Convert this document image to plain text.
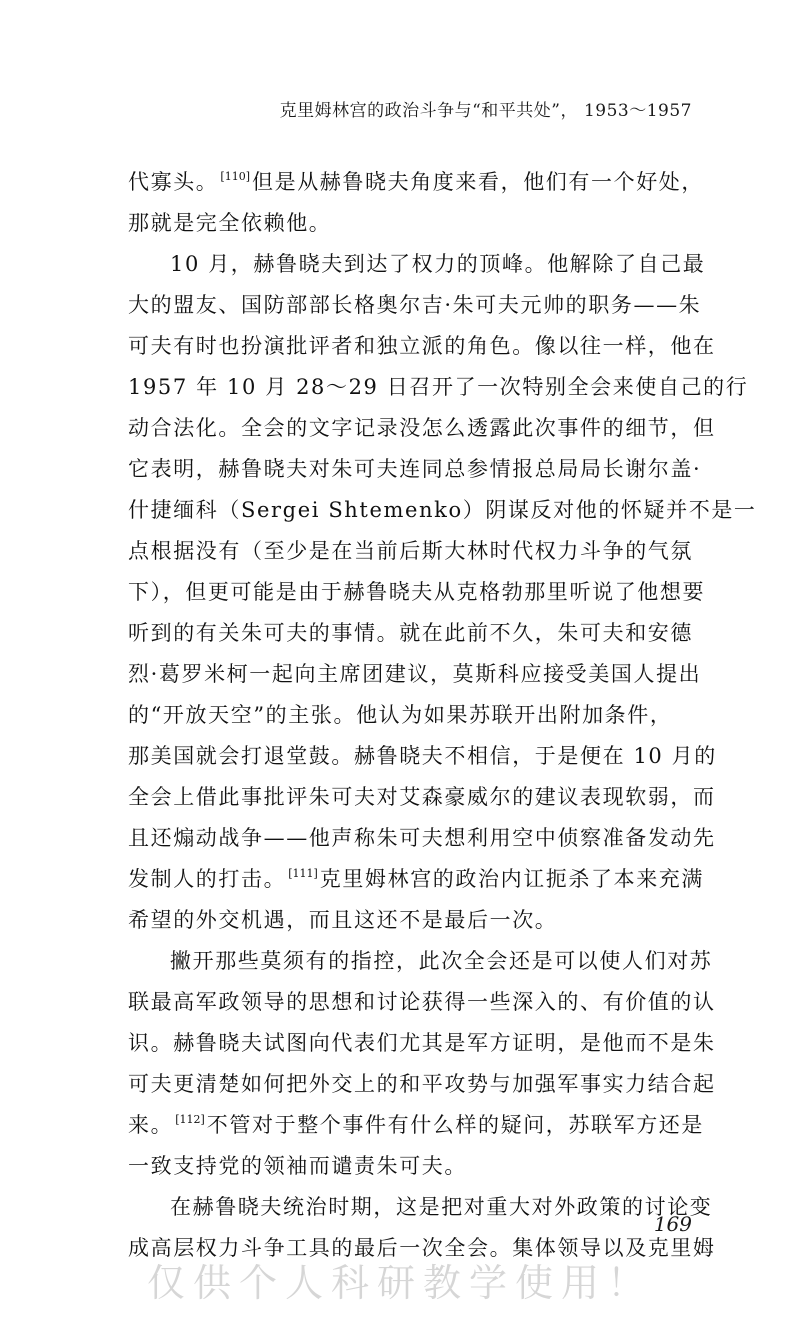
克里姆林宫的政治斗争与“和平共处”， 1953～1957

代寡头。 [110]但是从赫鲁晓夫角度来看，他们有一个好处，
那就是完全依赖他。

10 月，赫鲁晓夫到达了权力的顶峰。他解除了自己最
大的盟友、国防部部长格奥尔吉·朱可夫元帅的职务——朱
可夫有时也扮演批评者和独立派的角色。像以往一样，他在
1957 年 10 月 28～29 日召开了一次特别全会来使自己的行
动合法化。全会的文字记录没怎么透露此次事件的细节，但
它表明，赫鲁晓夫对朱可夫连同总参情报总局局长谢尔盖·
什捷缅科（Sergei Shtemenko）阴谋反对他的怀疑并不是一
点根据没有（至少是在当前后斯大林时代权力斗争的气氛
下），但更可能是由于赫鲁晓夫从克格勃那里听说了他想要
听到的有关朱可夫的事情。就在此前不久，朱可夫和安德
烈·葛罗米柯一起向主席团建议，莫斯科应接受美国人提出
的“开放天空”的主张。他认为如果苏联开出附加条件，
那美国就会打退堂鼓。赫鲁晓夫不相信，于是便在 10 月的
全会上借此事批评朱可夫对艾森豪威尔的建议表现软弱，而
且还煽动战争——他声称朱可夫想利用空中侦察准备发动先
发制人的打击。 [111]克里姆林宫的政治内讧扼杀了本来充满
希望的外交机遇，而且这还不是最后一次。

撇开那些莫须有的指控，此次全会还是可以使人们对苏
联最高军政领导的思想和讨论获得一些深入的、有价值的认
识。赫鲁晓夫试图向代表们尤其是军方证明，是他而不是朱
可夫更清楚如何把外交上的和平攻势与加强军事实力结合起
来。 [112]不管对于整个事件有什么样的疑问，苏联军方还是
一致支持党的领袖而谴责朱可夫。

在赫鲁晓夫统治时期，这是把对重大对外政策的讨论变
成高层权力斗争工具的最后一次全会。集体领导以及克里姆

169
仅供个人科研教学使用！
